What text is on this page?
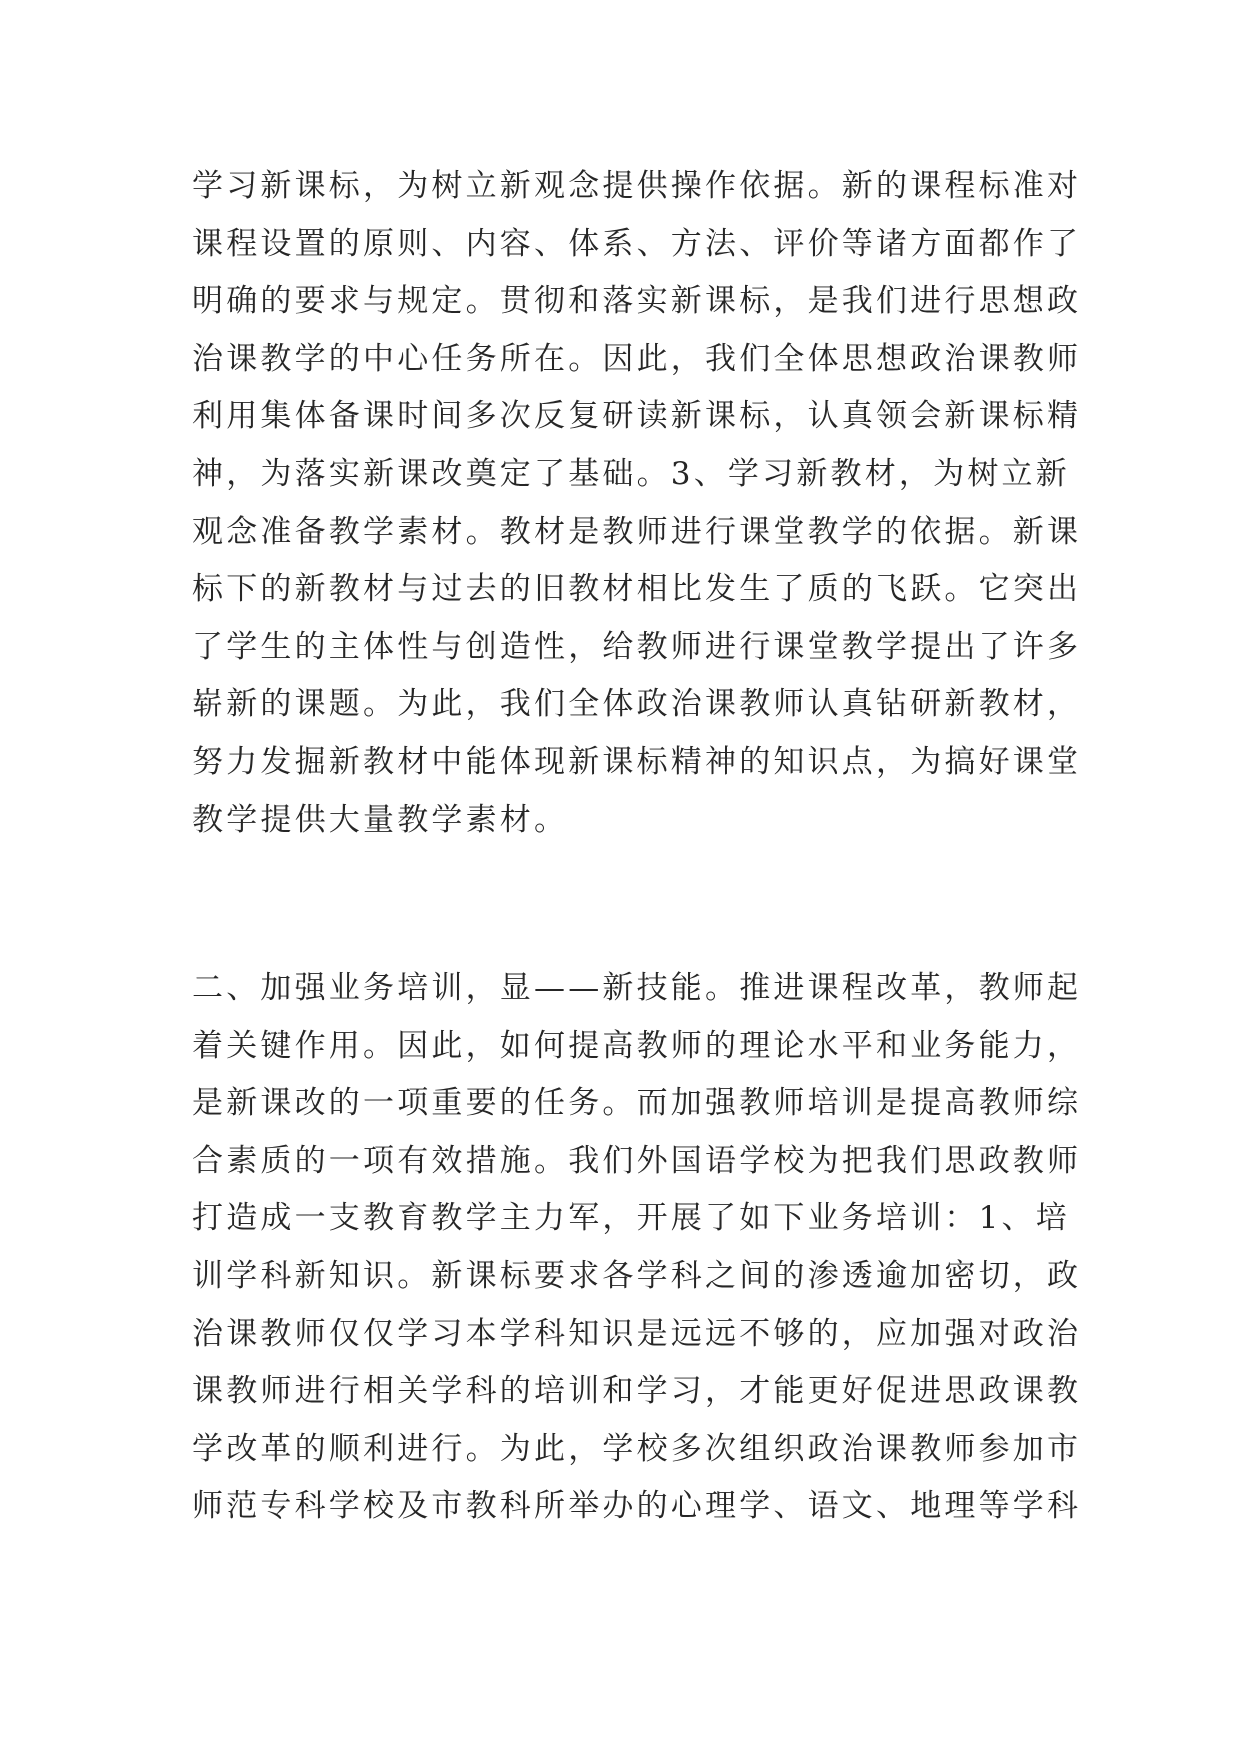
学习新课标，为树立新观念提供操作依据。新的课程标准对
课程设置的原则、内容、体系、方法、评价等诸方面都作了
明确的要求与规定。贯彻和落实新课标，是我们进行思想政
治课教学的中心任务所在。因此，我们全体思想政治课教师
利用集体备课时间多次反复研读新课标，认真领会新课标精
神，为落实新课改奠定了基础。3、学习新教材，为树立新
观念准备教学素材。教材是教师进行课堂教学的依据。新课
标下的新教材与过去的旧教材相比发生了质的飞跃。它突出
了学生的主体性与创造性，给教师进行课堂教学提出了许多
崭新的课题。为此，我们全体政治课教师认真钻研新教材，
努力发掘新教材中能体现新课标精神的知识点，为搞好课堂
教学提供大量教学素材。
二、加强业务培训，显——新技能。推进课程改革，教师起
着关键作用。因此，如何提高教师的理论水平和业务能力，
是新课改的一项重要的任务。而加强教师培训是提高教师综
合素质的一项有效措施。我们外国语学校为把我们思政教师
打造成一支教育教学主力军，开展了如下业务培训：1、培
训学科新知识。新课标要求各学科之间的渗透逾加密切，政
治课教师仅仅学习本学科知识是远远不够的，应加强对政治
课教师进行相关学科的培训和学习，才能更好促进思政课教
学改革的顺利进行。为此，学校多次组织政治课教师参加市
师范专科学校及市教科所举办的心理学、语文、地理等学科
